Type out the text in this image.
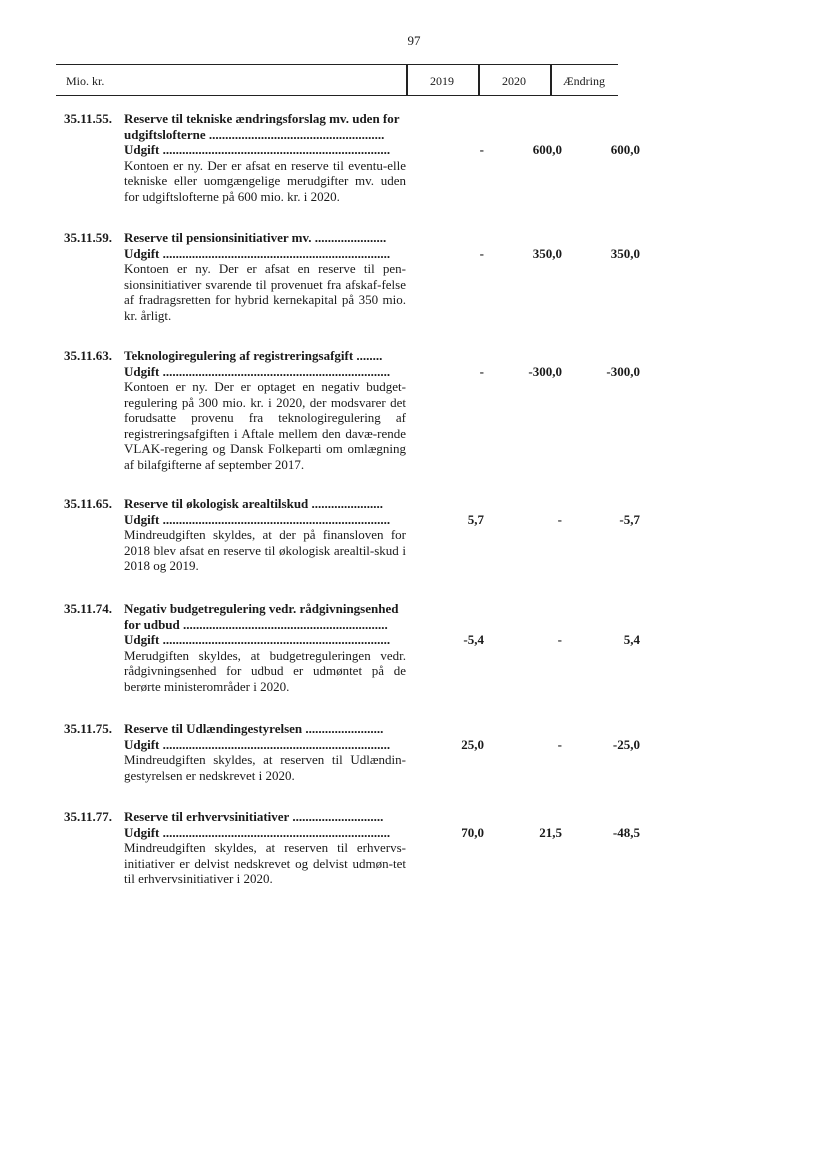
97
Mio. kr.	2019	2020	Ændring
35.11.55. Reserve til tekniske ændringsforslag mv. uden for
udgiftslofterne ......................................................
Udgift ......................................................................	-	600,0	600,0
Kontoen er ny. Der er afsat en reserve til eventu-elle tekniske eller uomgængelige merudgifter mv. uden for udgiftslofterne på 600 mio. kr. i 2020.
35.11.59. Reserve til pensionsinitiativer mv. ......................
Udgift ......................................................................	-	350,0	350,0
Kontoen er ny. Der er afsat en reserve til pen-sionsinitiativer svarende til provenuet fra afskaf-felse af fradragsretten for hybrid kernekapital på 350 mio. kr. årligt.
35.11.63. Teknologiregulering af registreringsafgift ........
Udgift ......................................................................	-	-300,0	-300,0
Kontoen er ny. Der er optaget en negativ budget-regulering på 300 mio. kr. i 2020, der modsvarer det forudsatte provenu fra teknologiregulering af registreringsafgiften i Aftale mellem den davæ-rende VLAK-regering og Dansk Folkeparti om omlægning af bilafgifterne af september 2017.
35.11.65. Reserve til økologisk arealtilskud ......................
Udgift ......................................................................	5,7	-	-5,7
Mindreudgiften skyldes, at der på finansloven for 2018 blev afsat en reserve til økologisk arealtil-skud i 2018 og 2019.
35.11.74. Negativ budgetregulering vedr. rådgivningsenhed
for udbud ...............................................................
Udgift ......................................................................	-5,4	-	5,4
Merudgiften skyldes, at budgetreguleringen vedr. rådgivningsenhed for udbud er udmøntet på de berørte ministerområder i 2020.
35.11.75. Reserve til Udlændingestyrelsen ........................
Udgift ......................................................................	25,0	-	-25,0
Mindreudgiften skyldes, at reserven til Udlændin-gestyrelsen er nedskrevet i 2020.
35.11.77. Reserve til erhvervsinitiativer ............................
Udgift ......................................................................	70,0	21,5	-48,5
Mindreudgiften skyldes, at reserven til erhvervs-initiativer er delvist nedskrevet og delvist udmøn-tet til erhvervsinitiativer i 2020.
